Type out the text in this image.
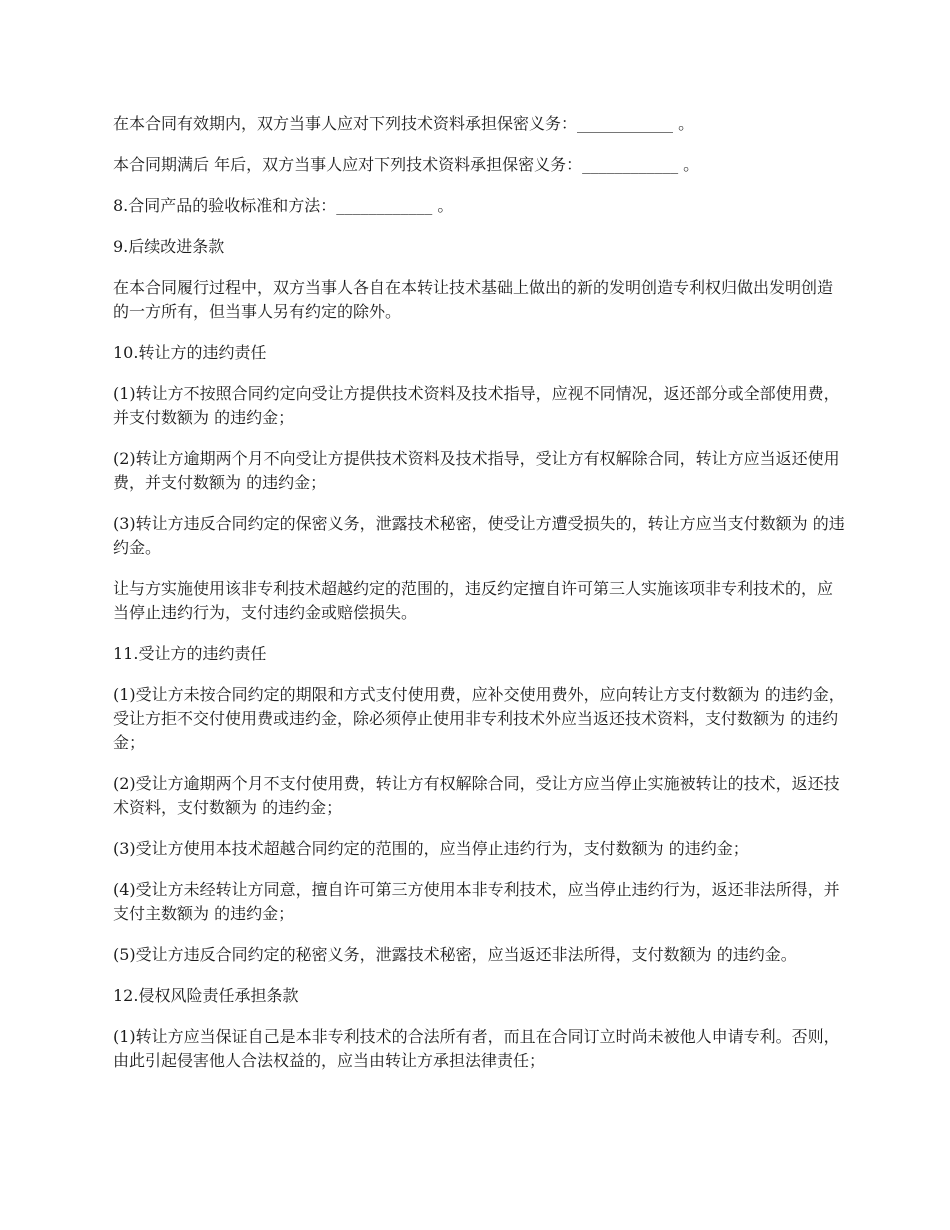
在本合同有效期内，双方当事人应对下列技术资料承担保密义务：____________ 。

本合同期满后 年后，双方当事人应对下列技术资料承担保密义务：____________ 。

8.合同产品的验收标准和方法：____________ 。

9.后续改进条款

在本合同履行过程中，双方当事人各自在本转让技术基础上做出的新的发明创造专利权归做出发明创造的一方所有，但当事人另有约定的除外。

10.转让方的违约责任

(1)转让方不按照合同约定向受让方提供技术资料及技术指导，应视不同情况，返还部分或全部使用费，并支付数额为 的违约金；

(2)转让方逾期两个月不向受让方提供技术资料及技术指导，受让方有权解除合同，转让方应当返还使用费，并支付数额为 的违约金；

(3)转让方违反合同约定的保密义务，泄露技术秘密，使受让方遭受损失的，转让方应当支付数额为 的违约金。

让与方实施使用该非专利技术超越约定的范围的，违反约定擅自许可第三人实施该项非专利技术的，应当停止违约行为，支付违约金或赔偿损失。

11.受让方的违约责任

(1)受让方未按合同约定的期限和方式支付使用费，应补交使用费外，应向转让方支付数额为 的违约金，受让方拒不交付使用费或违约金，除必须停止使用非专利技术外应当返还技术资料，支付数额为 的违约金；

(2)受让方逾期两个月不支付使用费，转让方有权解除合同，受让方应当停止实施被转让的技术，返还技术资料，支付数额为 的违约金；

(3)受让方使用本技术超越合同约定的范围的，应当停止违约行为，支付数额为 的违约金；

(4)受让方未经转让方同意，擅自许可第三方使用本非专利技术，应当停止违约行为，返还非法所得，并支付主数额为 的违约金；

(5)受让方违反合同约定的秘密义务，泄露技术秘密，应当返还非法所得，支付数额为 的违约金。

12.侵权风险责任承担条款

(1)转让方应当保证自己是本非专利技术的合法所有者，而且在合同订立时尚未被他人申请专利。否则，由此引起侵害他人合法权益的，应当由转让方承担法律责任；
